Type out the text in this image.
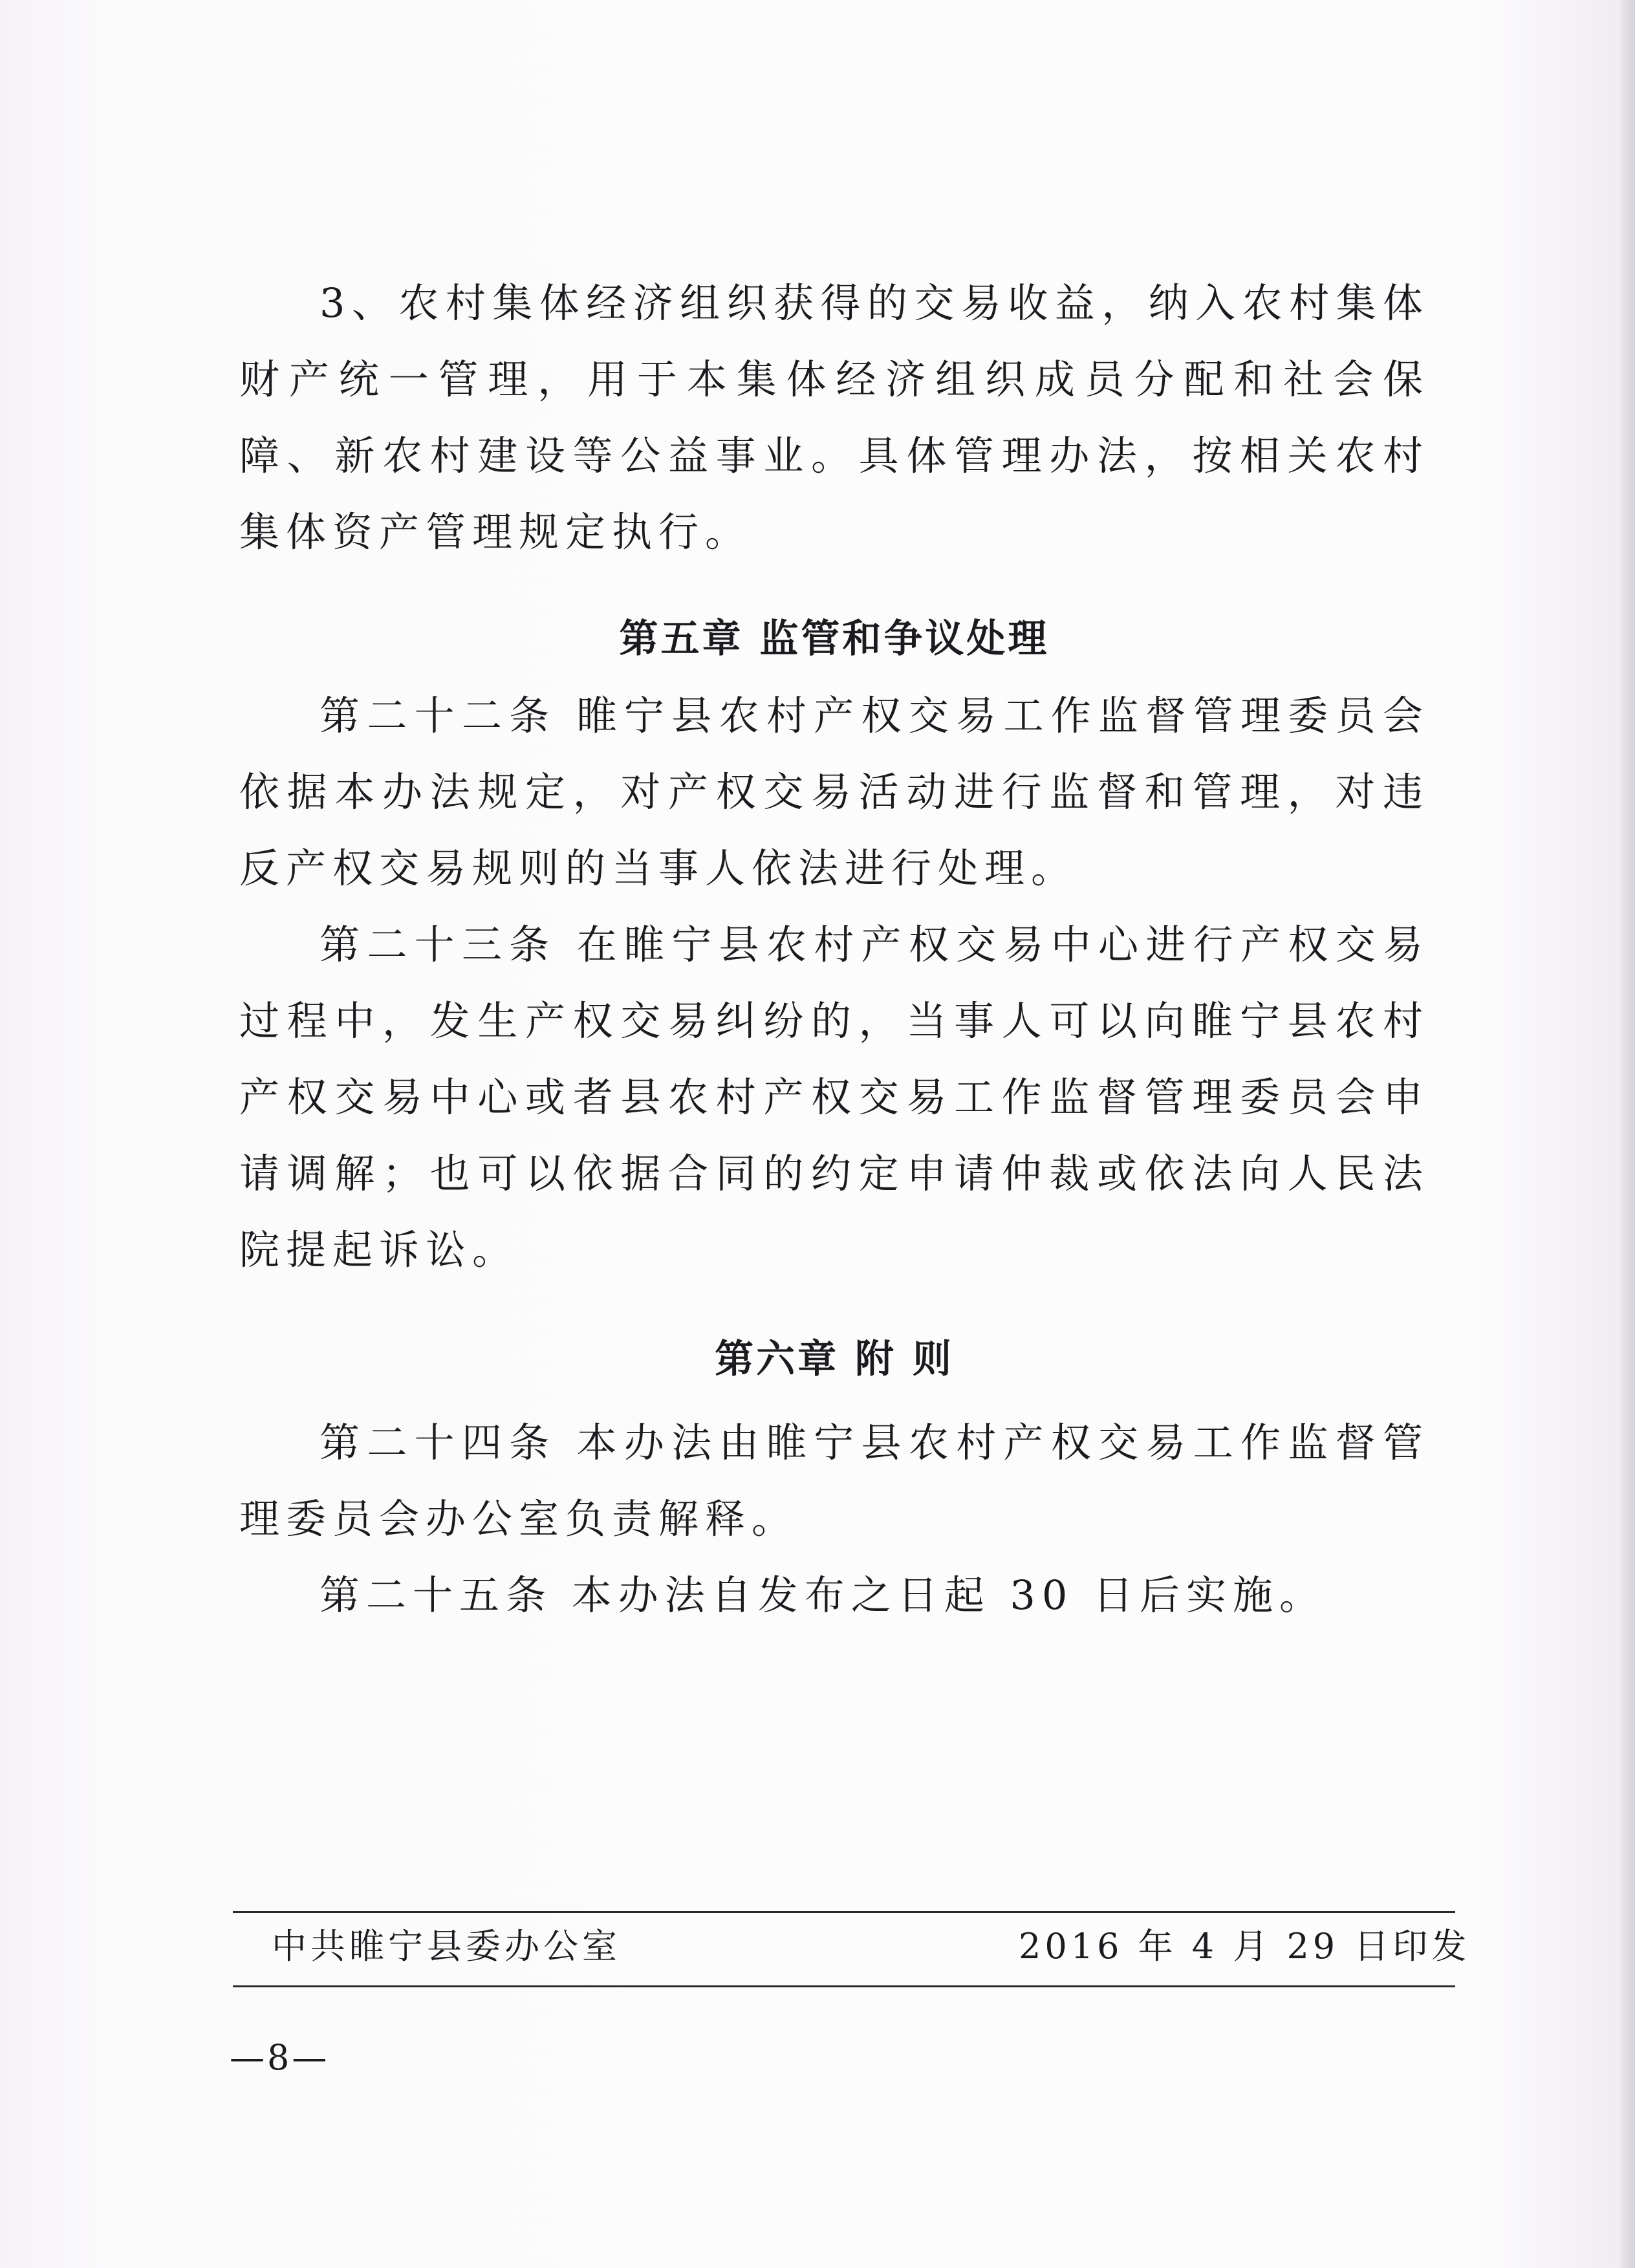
3、农村集体经济组织获得的交易收益，纳入农村集体财产统一管理，用于本集体经济组织成员分配和社会保障、新农村建设等公益事业。具体管理办法，按相关农村集体资产管理规定执行。

第五章 监管和争议处理

第二十二条 睢宁县农村产权交易工作监督管理委员会依据本办法规定，对产权交易活动进行监督和管理，对违反产权交易规则的当事人依法进行处理。

第二十三条 在睢宁县农村产权交易中心进行产权交易过程中，发生产权交易纠纷的，当事人可以向睢宁县农村产权交易中心或者县农村产权交易工作监督管理委员会申请调解；也可以依据合同的约定申请仲裁或依法向人民法院提起诉讼。

第六章 附 则

第二十四条 本办法由睢宁县农村产权交易工作监督管理委员会办公室负责解释。

第二十五条 本办法自发布之日起 30 日后实施。

中共睢宁县委办公室	2016 年 4 月 29 日印发
—8—
